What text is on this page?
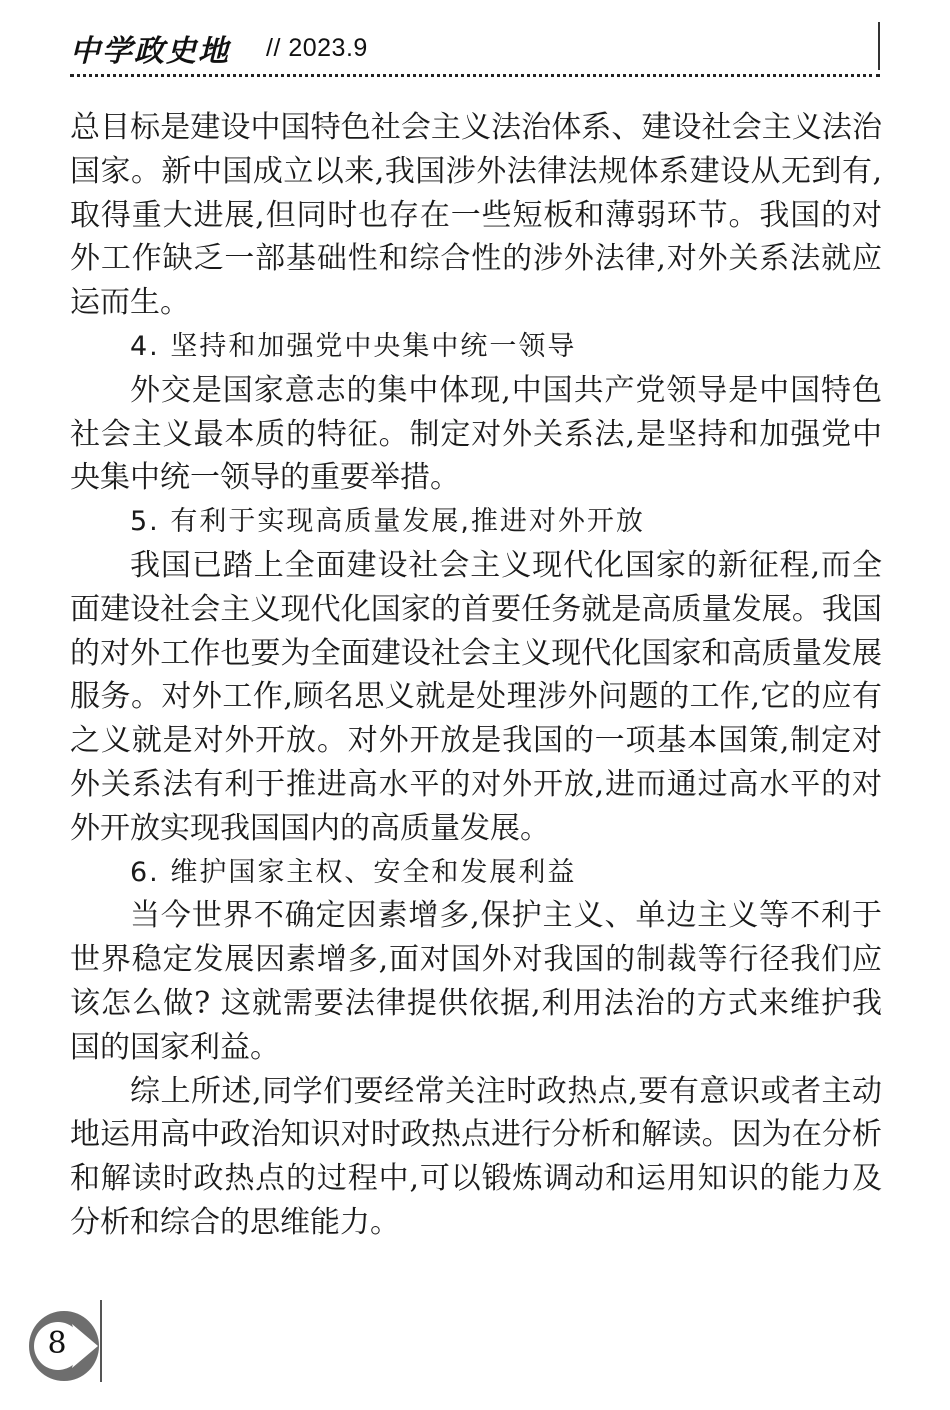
中学政史地 // 2023.9

总目标是建设中国特色社会主义法治体系、建设社会主义法治国家。新中国成立以来,我国涉外法律法规体系建设从无到有,取得重大进展,但同时也存在一些短板和薄弱环节。我国的对外工作缺乏一部基础性和综合性的涉外法律,对外关系法就应运而生。

4. 坚持和加强党中央集中统一领导

外交是国家意志的集中体现,中国共产党领导是中国特色社会主义最本质的特征。制定对外关系法,是坚持和加强党中央集中统一领导的重要举措。

5. 有利于实现高质量发展,推进对外开放

我国已踏上全面建设社会主义现代化国家的新征程,而全面建设社会主义现代化国家的首要任务就是高质量发展。我国的对外工作也要为全面建设社会主义现代化国家和高质量发展服务。对外工作,顾名思义就是处理涉外问题的工作,它的应有之义就是对外开放。对外开放是我国的一项基本国策,制定对外关系法有利于推进高水平的对外开放,进而通过高水平的对外开放实现我国国内的高质量发展。

6. 维护国家主权、安全和发展利益

当今世界不确定因素增多,保护主义、单边主义等不利于世界稳定发展因素增多,面对国外对我国的制裁等行径我们应该怎么做? 这就需要法律提供依据,利用法治的方式来维护我国的国家利益。

综上所述,同学们要经常关注时政热点,要有意识或者主动地运用高中政治知识对时政热点进行分析和解读。因为在分析和解读时政热点的过程中,可以锻炼调动和运用知识的能力及分析和综合的思维能力。

8
